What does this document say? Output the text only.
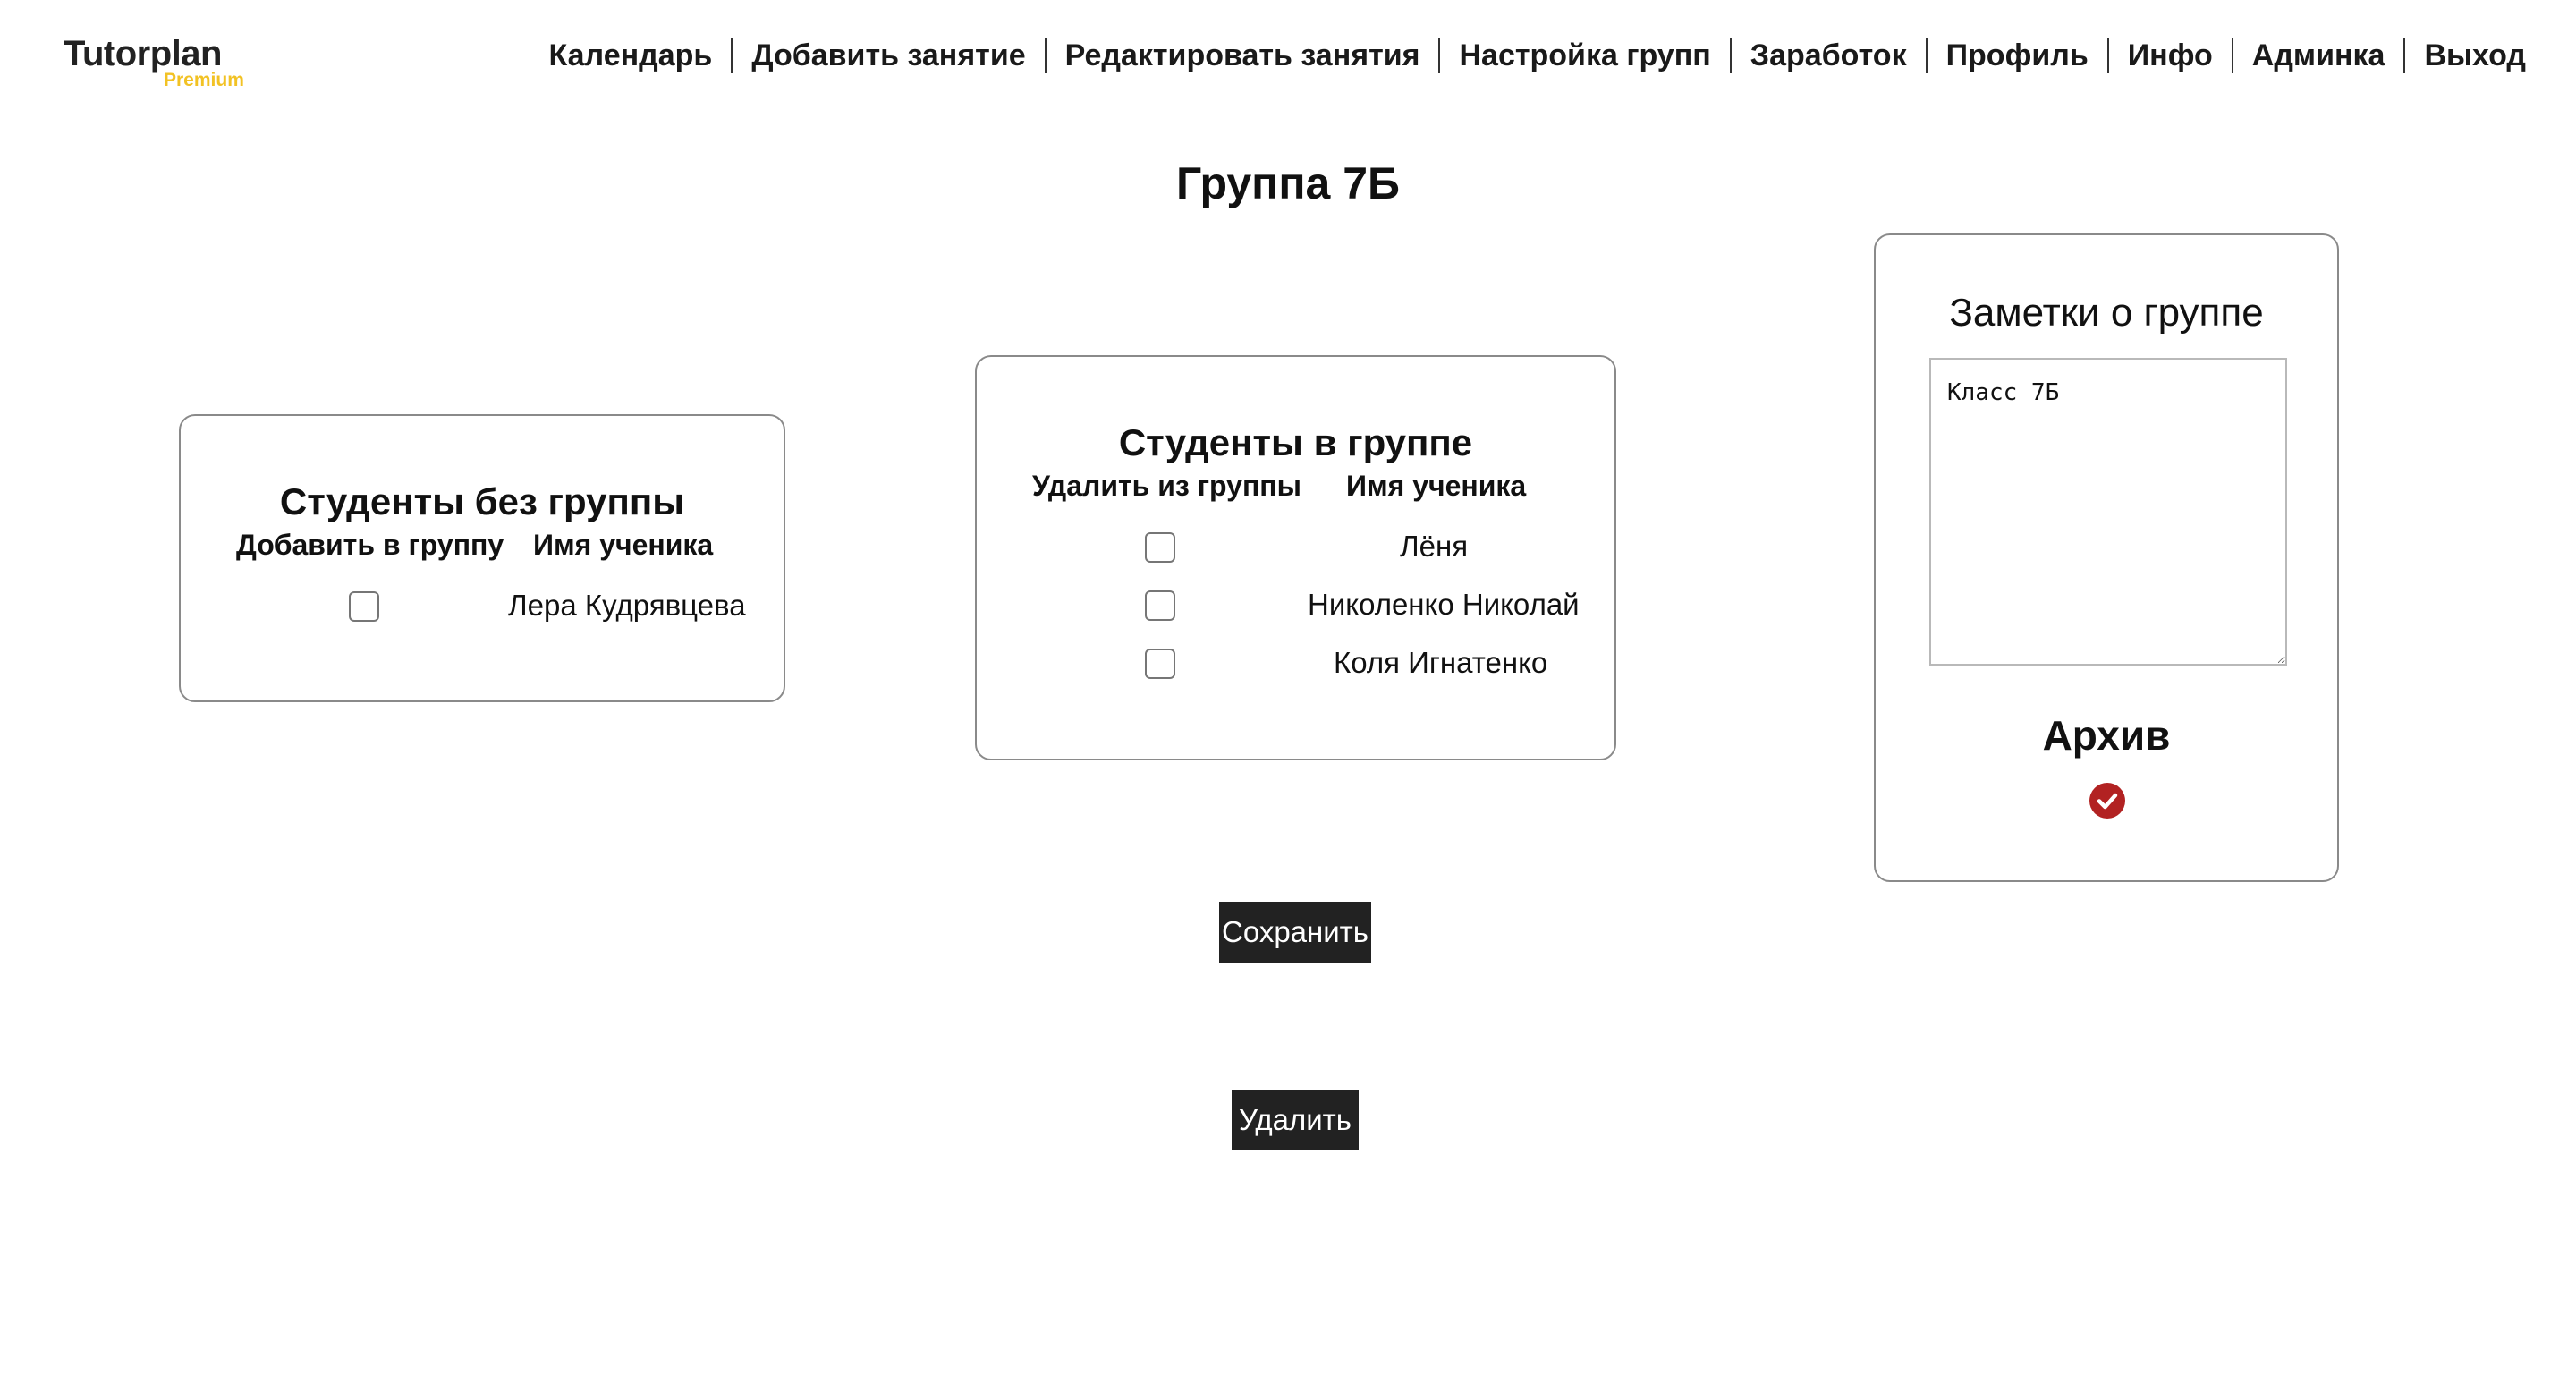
Tutorplan
Premium
Календарь	Добавить занятие	Редактировать занятия	Настройка групп	Заработок	Профиль	Инфо	Админка	Выход
Группа 7Б
Студенты без группы
Добавить в группу Имя ученика
Лера Кудрявцева
Студенты в группе
Удалить из группы Имя ученика
Лёня
Николенко Николай
Коля Игнатенко
Заметки о группе
Класс 7Б
Архив
Сохранить
Удалить
